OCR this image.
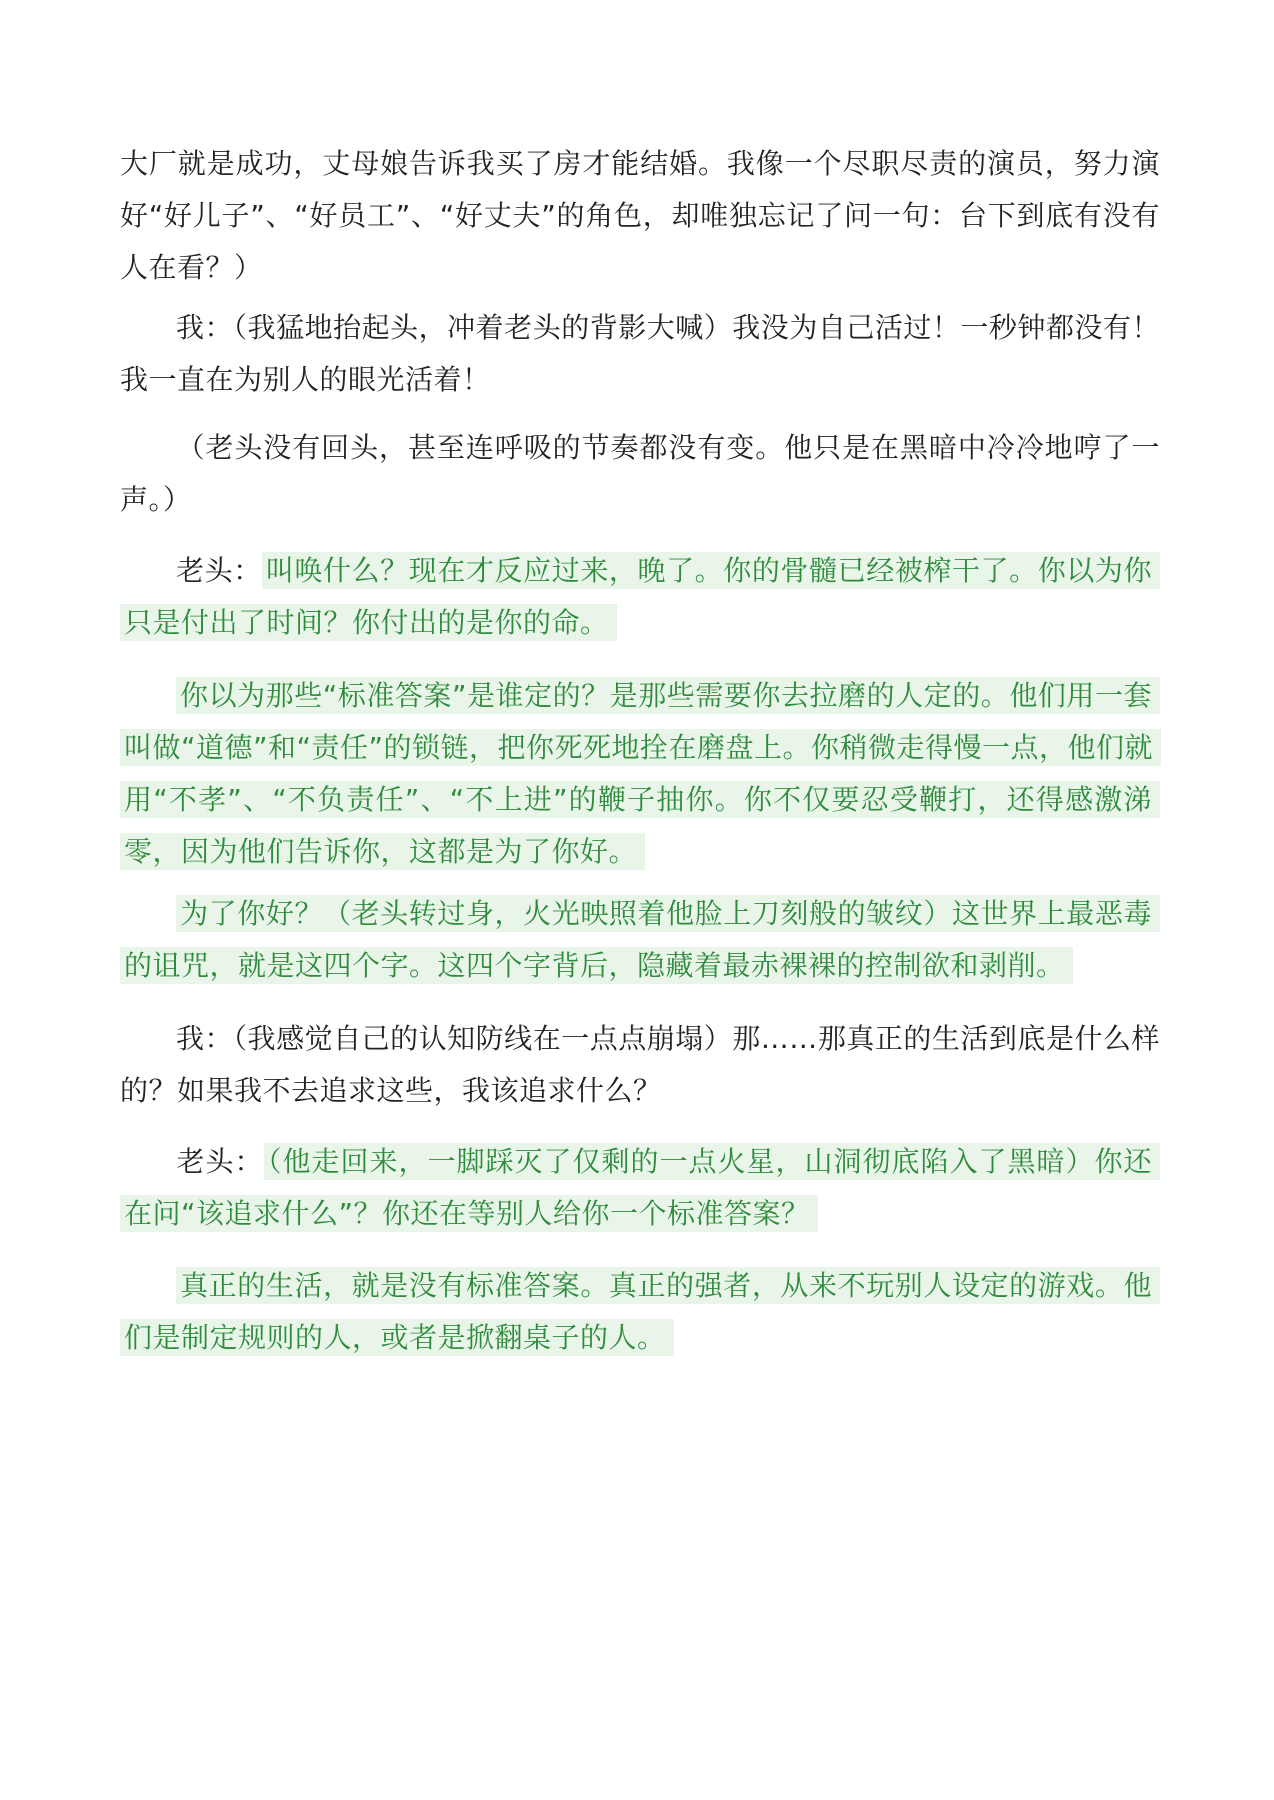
大厂就是成功，丈母娘告诉我买了房才能结婚。我像一个尽职尽责的演员，努力演好“好儿子”、“好员工”、“好丈夫”的角色，却唯独忘记了问一句：台下到底有没有人在看？）

我：（我猛地抬起头，冲着老头的背影大喊）我没为自己活过！一秒钟都没有！我一直在为别人的眼光活着！

（老头没有回头，甚至连呼吸的节奏都没有变。他只是在黑暗中冷冷地哼了一声。）

老头： 叫唤什么？现在才反应过来，晚了。你的骨髓已经被榨干了。你以为你只是付出了时间？你付出的是你的命。

你以为那些“标准答案”是谁定的？是那些需要你去拉磨的人定的。他们用一套叫做“道德”和“责任”的锁链，把你死死地拴在磨盘上。你稍微走得慢一点，他们就用“不孝”、“不负责任”、“不上进”的鞭子抽你。你不仅要忍受鞭打，还得感激涕零，因为他们告诉你，这都是为了你好。

为了你好？（老头转过身，火光映照着他脸上刀刻般的皱纹）这世界上最恶毒的诅咒，就是这四个字。这四个字背后，隐藏着最赤裸裸的控制欲和剥削。

我：（我感觉自己的认知防线在一点点崩塌）那……那真正的生活到底是什么样的？如果我不去追求这些，我该追求什么？

老头： （他走回来，一脚踩灭了仅剩的一点火星，山洞彻底陷入了黑暗）你还在问“该追求什么”？你还在等别人给你一个标准答案？

真正的生活，就是没有标准答案。真正的强者，从来不玩别人设定的游戏。他们是制定规则的人，或者是掀翻桌子的人。
